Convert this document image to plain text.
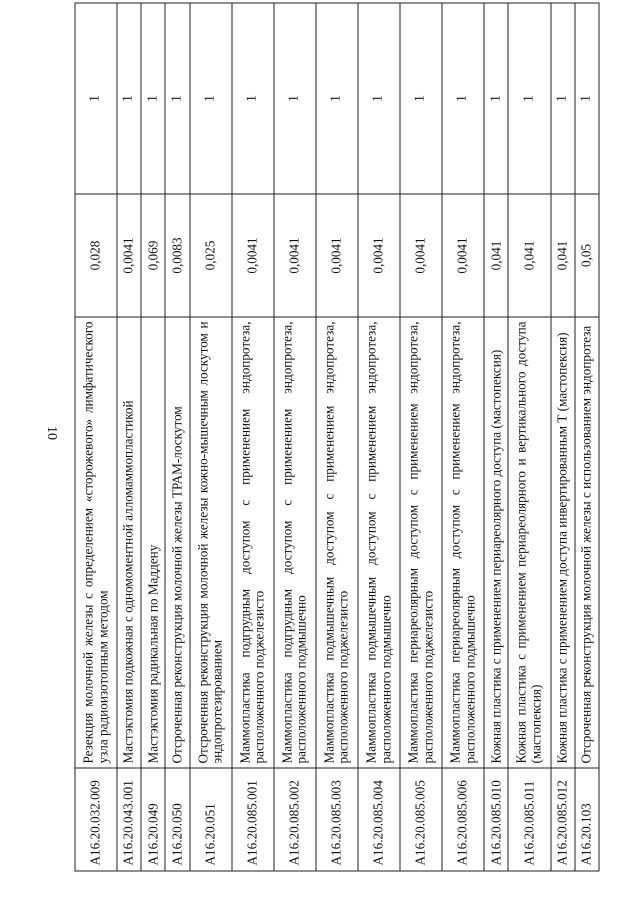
10
A16.20.032.009	Резекция молочной железы с определением «сторожевого» лимфатического узла радиоизотопным методом	0,028	1
A16.20.043.001	Мастэктомия подкожная с одномоментной алломаммопластикой	0,0041	1
A16.20.049	Мастэктомия радикальная по Маддену	0,069	1
A16.20.050	Отсроченная реконструкция молочной железы ТРАМ-лоскутом	0,0083	1
A16.20.051	Отсроченная реконструкция молочной железы кожно-мышечным лоскутом и эндопротезированием	0,025	1
A16.20.085.001	Маммопластика подгрудным доступом с применением эндопротеза, расположенного поджелезисто	0,0041	1
A16.20.085.002	Маммопластика подгрудным доступом с применением эндопротеза, расположенного подмышечно	0,0041	1
A16.20.085.003	Маммопластика подмышечным доступом с применением эндопротеза, расположенного поджелезисто	0,0041	1
A16.20.085.004	Маммопластика подмышечным доступом с применением эндопротеза, расположенного подмышечно	0,0041	1
A16.20.085.005	Маммопластика периареолярным доступом с применением эндопротеза, расположенного поджелезисто	0,0041	1
A16.20.085.006	Маммопластика периареолярным доступом с применением эндопротеза, расположенного подмышечно	0,0041	1
A16.20.085.010	Кожная пластика с применением периареолярного доступа (мастопексия)	0,041	1
A16.20.085.011	Кожная пластика с применением периареолярного и вертикального доступа (мастопексия)	0,041	1
A16.20.085.012	Кожная пластика с применением доступа инвертированным Т (мастопексия)	0,041	1
A16.20.103	Отсроченная реконструкция молочной железы с использованием эндопротеза	0,05	1
